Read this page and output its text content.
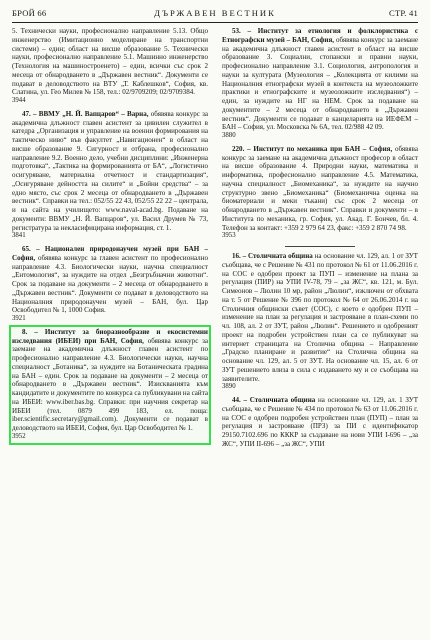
БРОЙ 66	ДЪРЖАВЕН ВЕСТНИК	СТР. 41

5. Технически науки, професионално направление 5.13. Общо инженерство (Имитационно моделиране на транспортни системи) – един; област на висше образование 5. Технически науки, професионално направление 5.1. Машинно инженерство (Технология на машиностроенето) – един, всички със срок 2 месеца от обнародването в „Държавен вестник“. Документи се подават в деловодството на ВТУ „Т. Каблешков“, София, кв. Слатина, ул. Гео Милев № 158, тел.: 02/9709209; 02/9709384.

3944

47. – ВВМУ „Н. Й. Вапцаров“ – Варна, обявява конкурс за академична длъжност главен асистент за цивилен служител в катедра „Организация и управление на военни формирования на тактическо ниво“ във факултет „Навигационен“ в област на висше образование 9. Сигурност и отбрана, професионално направление 9.2. Военно дело, учебни дисциплини: „Инженерна подготовка“, „Тактика на формированията от БА“, „Логистично осигуряване, материална отчетност и стандартизация“, „Осигуряване дейността на силите“ и „Бойни средства“ – за едно място, със срок 2 месеца от обнародването в „Държавен вестник“. Справки на тел.: 052/55 22 43, 052/55 22 22 – централа, и на сайта на училището: www.naval-acad.bg. Подаване на документи: ВВМУ „Н. Й. Вапцаров“, ул. Васил Друмев № 73, регистратура за некласифицирана информация, ст. 1.

3841

65. – Национален природонаучен музей при БАН – София, обявява конкурс за главен асистент по професионално направление 4.3. Биологически науки, научна специалност „Ентомология“, за нуждите на отдел „Безгръбначни животни“. Срок за подаване на документи – 2 месеца от обнародването в „Държавен вестник“. Документи се подават в деловодството на Националния природонаучен музей – БАН, бул. Цар Освободител № 1, 1000 София.

3921

8. – Институт за биоразнообразие и екосистемни изследвания (ИБЕИ) при БАН, София, обявява конкурс за заемане на академична длъжност главен асистент по професионално направление 4.3. Биологически науки, научна специалност „Ботаника“, за нуждите на Ботаническата градина на БАН – един. Срок за подаване на документи – 2 месеца от обнародването в „Държавен вестник“. Изискванията към кандидатите и документите по конкурса са публикувани на сайта на ИБЕИ: www.iber.bas.bg. Справки: при научния секретар на ИБЕИ (тел. 0879 499 183, ел. поща: iber.scientific.secretary@gmail.com). Документи се подават в деловодството на ИБЕИ, София, бул. Цар Освободител № 1.

3952

53. – Институт за етнология и фолклористика с Етнографски музей – БАН, София, обявява конкурс за заемане на академична длъжност главен асистент в област на висше образование 3. Социални, стопански и правни науки, професионално направление 3.1. Социология, антропология и науки за културата (Музеология – „Колекцията от килими на Националния етнографски музей в контекста на музеоложките практики и етнографските и музеоложките изследвания“) – един, за нуждите на НГ на НЕМ. Срок за подаване на документите – 2 месеца от обнародването в „Държавен вестник“. Документи се подават в канцеларията на ИЕФЕМ – БАН – София, ул. Московска № 6А, тел. 02/988 42 09.

3880

220. – Институт по механика при БАН – София, обявява конкурс за заемане на академична длъжност професор в област на висше образование 4. Природни науки, математика и информатика, професионално направление 4.5. Математика, научна специалност „Биомеханика“, за нуждите на научно структурно звено „Биомеханика“ (Биомеханична оценка на биоматериали и меки тъкани) със срок 2 месеца от обнародването в „Държавен вестник“. Справки и документи – в Института по механика, гр. София, ул. Акад. Г. Бончев, бл. 4. Телефон за контакт: +359 2 979 64 23, факс: +359 2 870 74 98.

3953

16. – Столичната община на основание чл. 129, ал. 1 от ЗУТ съобщава, че с Решение № 431 по протокол № 61 от 11.06.2016 г. на СОС е одобрен проект за ПУП – изменение на плана за регулация (ПИР) на УПИ IV-78, 79 – „за ЖС“, кв. 121, м. Бул. Симеонов – Люлин 10 мр, район „Люлин“, изключен от обхвата на т. 5 от Решение № 396 по протокол № 64 от 26.06.2014 г. на Столичния общински съвет (СОС), с което е одобрен ПУП – изменение на план за регулация и застрояване в план-схеми по чл. 108, ал. 2 от ЗУТ, район „Люлин“. Решението и одобреният проект на подробен устройствен план са се публикуват на интернет страницата на Столична община – Направление „Градско планиране и развитие“ на Столична община на основание чл. 129, ал. 5 от ЗУТ. На основание чл. 15, ал. 6 от ЗУТ решението влиза в сила с издаването му и се съобщава на заявителите.

3890

44. – Столичната община на основание чл. 129, ал. 1 ЗУТ съобщава, че с Решение № 434 по протокол № 63 от 11.06.2016 г. на СОС е одобрен подробен устройствен план (ПУП) – план за регулация и застрояване (ПРЗ) за ПИ с идентификатор 29150.7102.696 по КККР за създаване на нови УПИ I-696 – „за ЖС“, УПИ II-696 – „за ЖС“, УПИ
